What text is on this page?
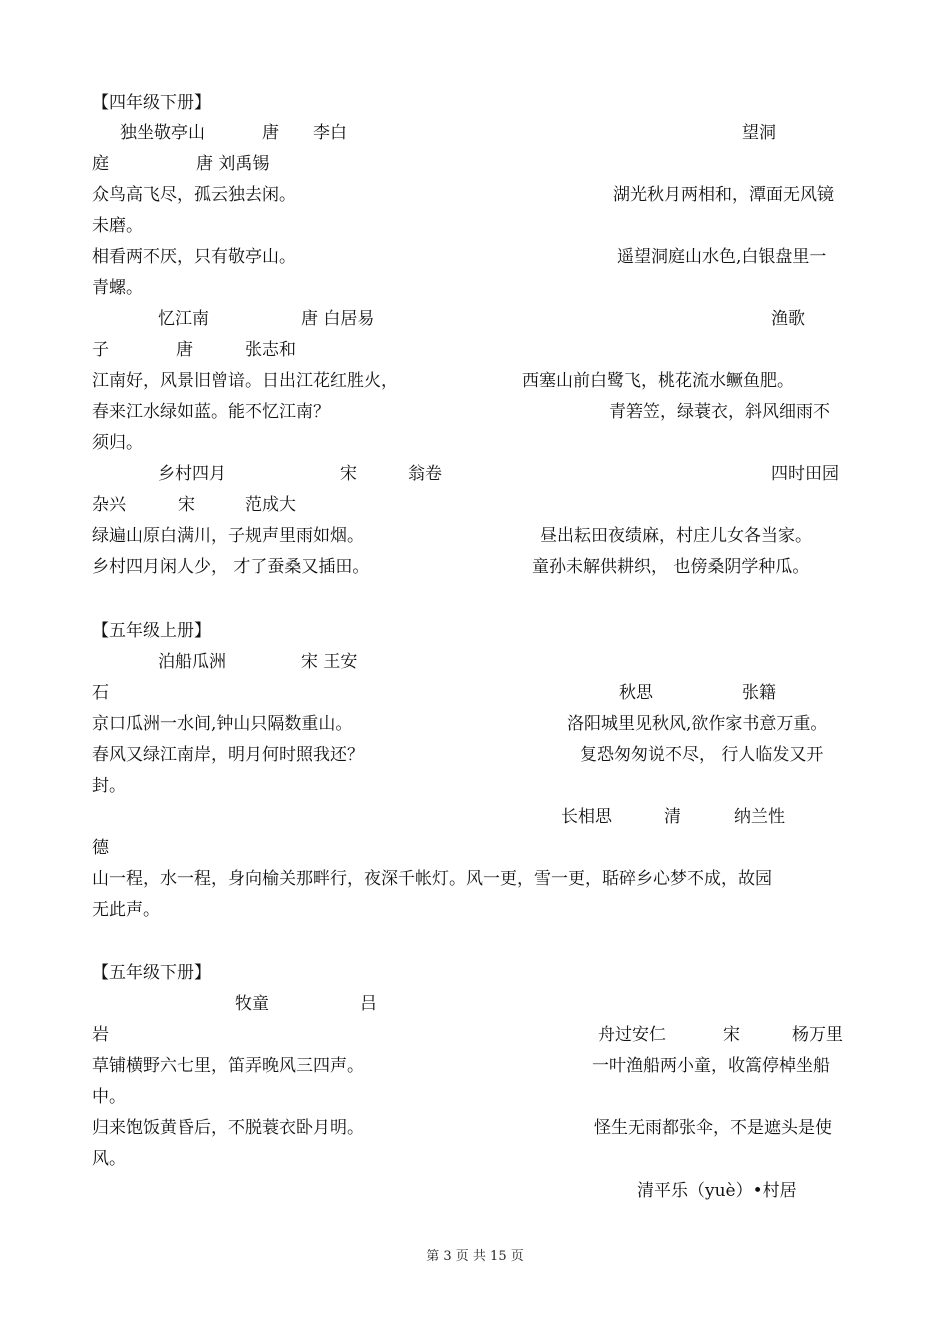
【四年级下册】
独坐敬亭山	唐 李白	望洞
庭	唐 刘禹锡
众鸟高飞尽，孤云独去闲。	湖光秋月两相和，潭面无风镜
未磨。
相看两不厌，只有敬亭山。	遥望洞庭山水色,白银盘里一
青螺。
忆江南	唐 白居易	渔歌
子	唐	张志和
江南好，风景旧曾谙。日出江花红胜火，	西塞山前白鹭飞，桃花流水鳜鱼肥。
春来江水绿如蓝。能不忆江南？	青箬笠，绿蓑衣，斜风细雨不
须归。
乡村四月	宋	翁卷	四时田园
杂兴	宋	范成大
绿遍山原白满川，子规声里雨如烟。	昼出耘田夜绩麻，村庄儿女各当家。
乡村四月闲人少， 才了蚕桑又插田。	童孙未解供耕织， 也傍桑阴学种瓜。
【五年级上册】
泊船瓜洲	宋 王安
石	秋思	张籍
京口瓜洲一水间,钟山只隔数重山。	洛阳城里见秋风,欲作家书意万重。
春风又绿江南岸，明月何时照我还？	复恐匆匆说不尽， 行人临发又开
封。
长相思	清	纳兰性
德
山一程，水一程，身向榆关那畔行，夜深千帐灯。风一更，雪一更，聒碎乡心梦不成，故园
无此声。
【五年级下册】
牧童	吕
岩	舟过安仁	宋	杨万里
草铺横野六七里，笛弄晚风三四声。	一叶渔船两小童，收篙停棹坐船
中。
归来饱饭黄昏后，不脱蓑衣卧月明。	怪生无雨都张伞，不是遮头是使
风。
清平乐（yuè）•村居
第 3 页 共 15 页
